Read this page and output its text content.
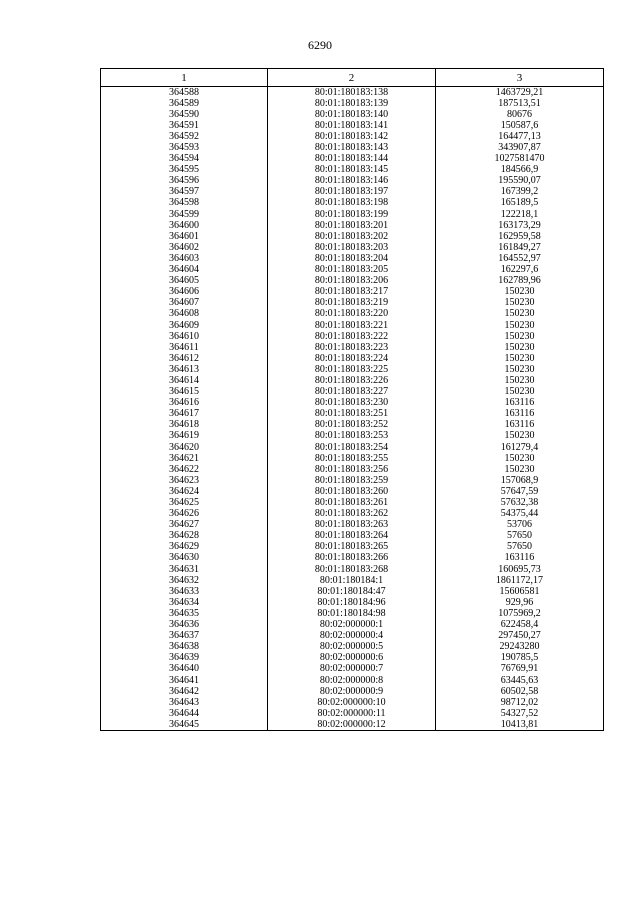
6290
1	2	3
364588	80:01:180183:138	1463729,21
364589	80:01:180183:139	187513,51
364590	80:01:180183:140	80676
364591	80:01:180183:141	150587,6
364592	80:01:180183:142	164477,13
364593	80:01:180183:143	343907,87
364594	80:01:180183:144	1027581470
364595	80:01:180183:145	184566,9
364596	80:01:180183:146	195590,07
364597	80:01:180183:197	167399,2
364598	80:01:180183:198	165189,5
364599	80:01:180183:199	122218,1
364600	80:01:180183:201	163173,29
364601	80:01:180183:202	162959,58
364602	80:01:180183:203	161849,27
364603	80:01:180183:204	164552,97
364604	80:01:180183:205	162297,6
364605	80:01:180183:206	162789,96
364606	80:01:180183:217	150230
364607	80:01:180183:219	150230
364608	80:01:180183:220	150230
364609	80:01:180183:221	150230
364610	80:01:180183:222	150230
364611	80:01:180183:223	150230
364612	80:01:180183:224	150230
364613	80:01:180183:225	150230
364614	80:01:180183:226	150230
364615	80:01:180183:227	150230
364616	80:01:180183:230	163116
364617	80:01:180183:251	163116
364618	80:01:180183:252	163116
364619	80:01:180183:253	150230
364620	80:01:180183:254	161279,4
364621	80:01:180183:255	150230
364622	80:01:180183:256	150230
364623	80:01:180183:259	157068,9
364624	80:01:180183:260	57647,59
364625	80:01:180183:261	57632,38
364626	80:01:180183:262	54375,44
364627	80:01:180183:263	53706
364628	80:01:180183:264	57650
364629	80:01:180183:265	57650
364630	80:01:180183:266	163116
364631	80:01:180183:268	160695,73
364632	80:01:180184:1	1861172,17
364633	80:01:180184:47	15606581
364634	80:01:180184:96	929,96
364635	80:01:180184:98	1075969,2
364636	80:02:000000:1	622458,4
364637	80:02:000000:4	297450,27
364638	80:02:000000:5	29243280
364639	80:02:000000:6	190785,5
364640	80:02:000000:7	76769,91
364641	80:02:000000:8	63445,63
364642	80:02:000000:9	60502,58
364643	80:02:000000:10	98712,02
364644	80:02:000000:11	54327,52
364645	80:02:000000:12	10413,81
